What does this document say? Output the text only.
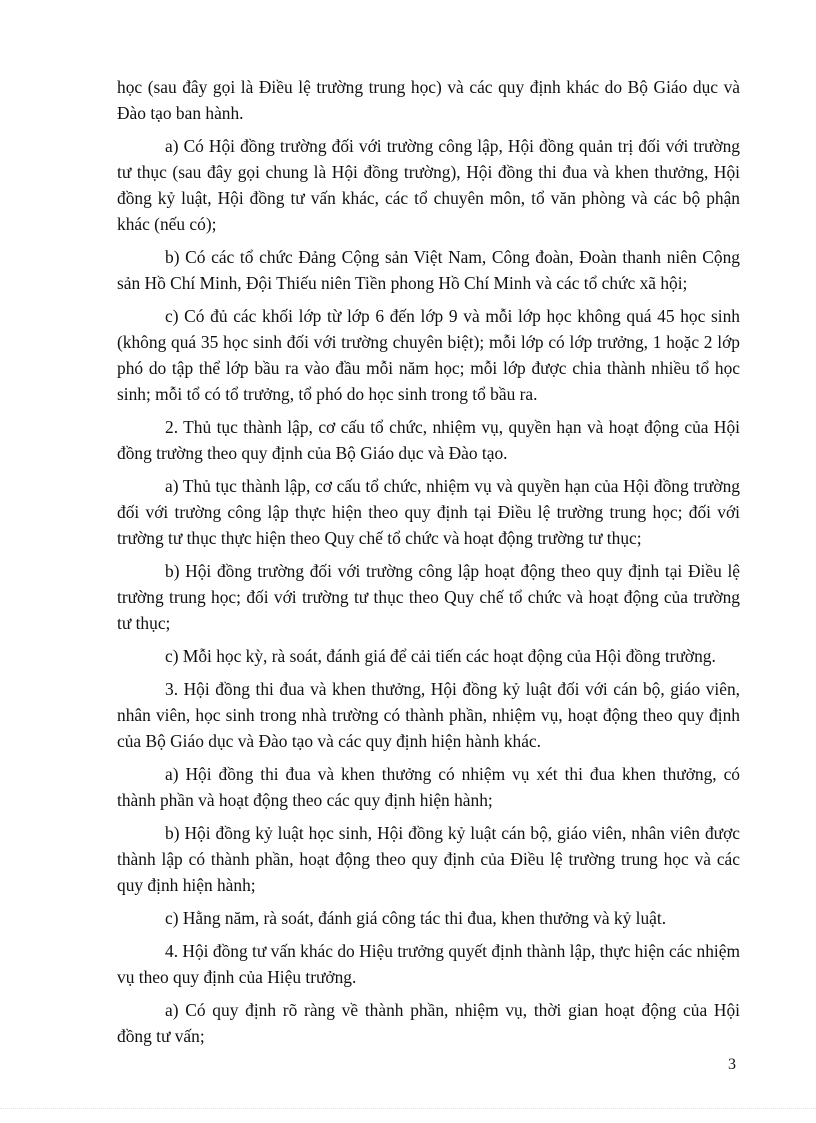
học (sau đây gọi là Điều lệ trường trung học) và các quy định khác do Bộ Giáo dục và Đào tạo ban hành.

a) Có Hội đồng trường đối với trường công lập, Hội đồng quản trị đối với trường tư thục (sau đây gọi chung là Hội đồng trường), Hội đồng thi đua và khen thưởng, Hội đồng kỷ luật, Hội đồng tư vấn khác, các tổ chuyên môn, tổ văn phòng và các bộ phận khác (nếu có);

b) Có các tổ chức Đảng Cộng sản Việt Nam, Công đoàn, Đoàn thanh niên Cộng sản Hồ Chí Minh, Đội Thiếu niên Tiền phong Hồ Chí Minh và các tổ chức xã hội;

c) Có đủ các khối lớp từ lớp 6 đến lớp 9 và mỗi lớp học không quá 45 học sinh (không quá 35 học sinh đối với trường chuyên biệt); mỗi lớp có lớp trưởng, 1 hoặc 2 lớp phó do tập thể lớp bầu ra vào đầu mỗi năm học; mỗi lớp được chia thành nhiều tổ học sinh; mỗi tổ có tổ trưởng, tổ phó do học sinh trong tổ bầu ra.

2. Thủ tục thành lập, cơ cấu tổ chức, nhiệm vụ, quyền hạn và hoạt động của Hội đồng trường theo quy định của Bộ Giáo dục và Đào tạo.

a) Thủ tục thành lập, cơ cấu tổ chức, nhiệm vụ và quyền hạn của Hội đồng trường đối với trường công lập thực hiện theo quy định tại Điều lệ trường trung học; đối với trường tư thục thực hiện theo Quy chế tổ chức và hoạt động trường tư thục;

b) Hội đồng trường đối với trường công lập hoạt động theo quy định tại Điều lệ trường trung học; đối với trường tư thục theo Quy chế tổ chức và hoạt động của trường tư thục;

c) Mỗi học kỳ, rà soát, đánh giá để cải tiến các hoạt động của Hội đồng trường.

3. Hội đồng thi đua và khen thưởng, Hội đồng kỷ luật đối với cán bộ, giáo viên, nhân viên, học sinh trong nhà trường có thành phần, nhiệm vụ, hoạt động theo quy định của Bộ Giáo dục và Đào tạo và các quy định hiện hành khác.

a) Hội đồng thi đua và khen thưởng có nhiệm vụ xét thi đua khen thưởng, có thành phần và hoạt động theo các quy định hiện hành;

b) Hội đồng kỷ luật học sinh, Hội đồng kỷ luật cán bộ, giáo viên, nhân viên được thành lập có thành phần, hoạt động theo quy định của Điều lệ trường trung học và các quy định hiện hành;

c) Hằng năm, rà soát, đánh giá công tác thi đua, khen thưởng và kỷ luật.

4. Hội đồng tư vấn khác do Hiệu trưởng quyết định thành lập, thực hiện các nhiệm vụ theo quy định của Hiệu trưởng.

a) Có quy định rõ ràng về thành phần, nhiệm vụ, thời gian hoạt động của Hội đồng tư vấn;

3
